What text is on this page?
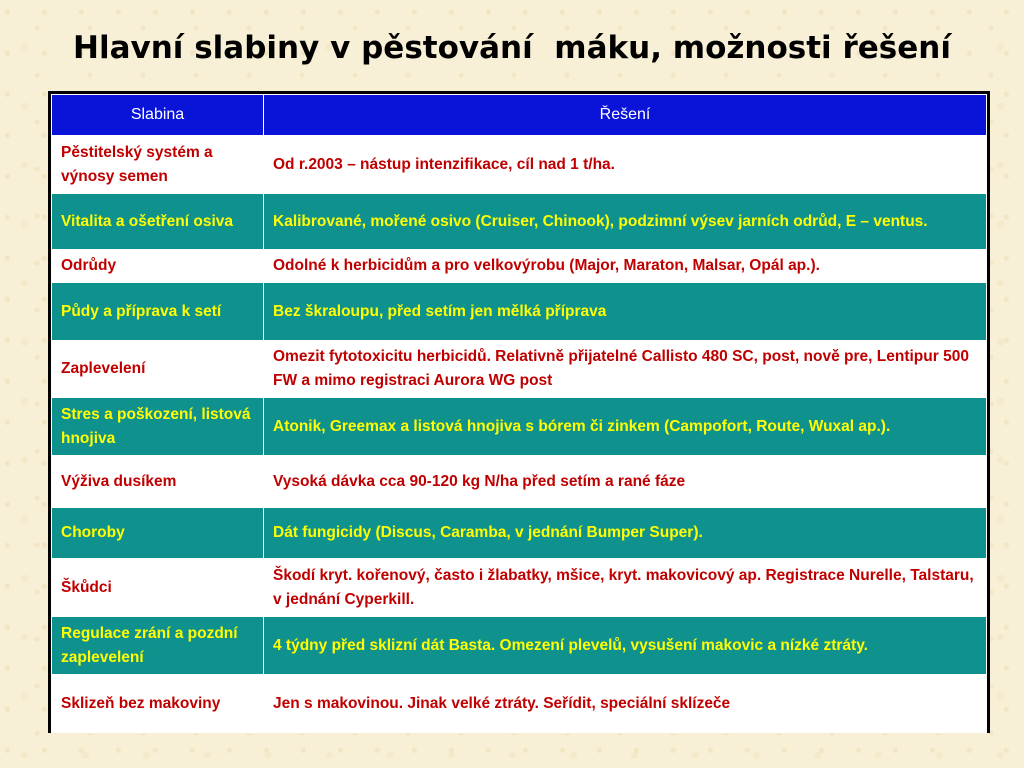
Hlavní slabiny v pěstování  máku, možnosti řešení
Slabina	Řešení
Pěstitelský systém a výnosy semen	Od r.2003 – nástup intenzifikace, cíl nad 1 t/ha.
Vitalita a ošetření osiva	Kalibrované, mořené osivo (Cruiser, Chinook), podzimní výsev jarních odrůd, E – ventus.
Odrůdy	Odolné k herbicidům a pro velkovýrobu (Major, Maraton, Malsar, Opál ap.).
Půdy a příprava k setí	Bez škraloupu, před setím jen mělká příprava
Zaplevelení	Omezit fytotoxicitu herbicidů. Relativně přijatelné Callisto 480 SC, post, nově pre, Lentipur 500 FW a mimo registraci Aurora WG post
Stres a poškození, listová hnojiva	Atonik, Greemax a listová hnojiva s bórem či zinkem (Campofort, Route, Wuxal ap.).
Výživa dusíkem	Vysoká dávka cca 90-120 kg N/ha před setím a rané fáze
Choroby	Dát fungicidy (Discus, Caramba, v jednání Bumper Super).
Škůdci	Škodí kryt. kořenový, často i žlabatky, mšice, kryt. makovicový ap. Registrace Nurelle, Talstaru, v jednání Cyperkill.
Regulace zrání a pozdní zaplevelení	4 týdny před sklizní dát Basta. Omezení plevelů, vysušení makovic a nízké ztráty.
Sklizeň bez makoviny	Jen s makovinou. Jinak velké ztráty. Seřídit, speciální sklízeče
